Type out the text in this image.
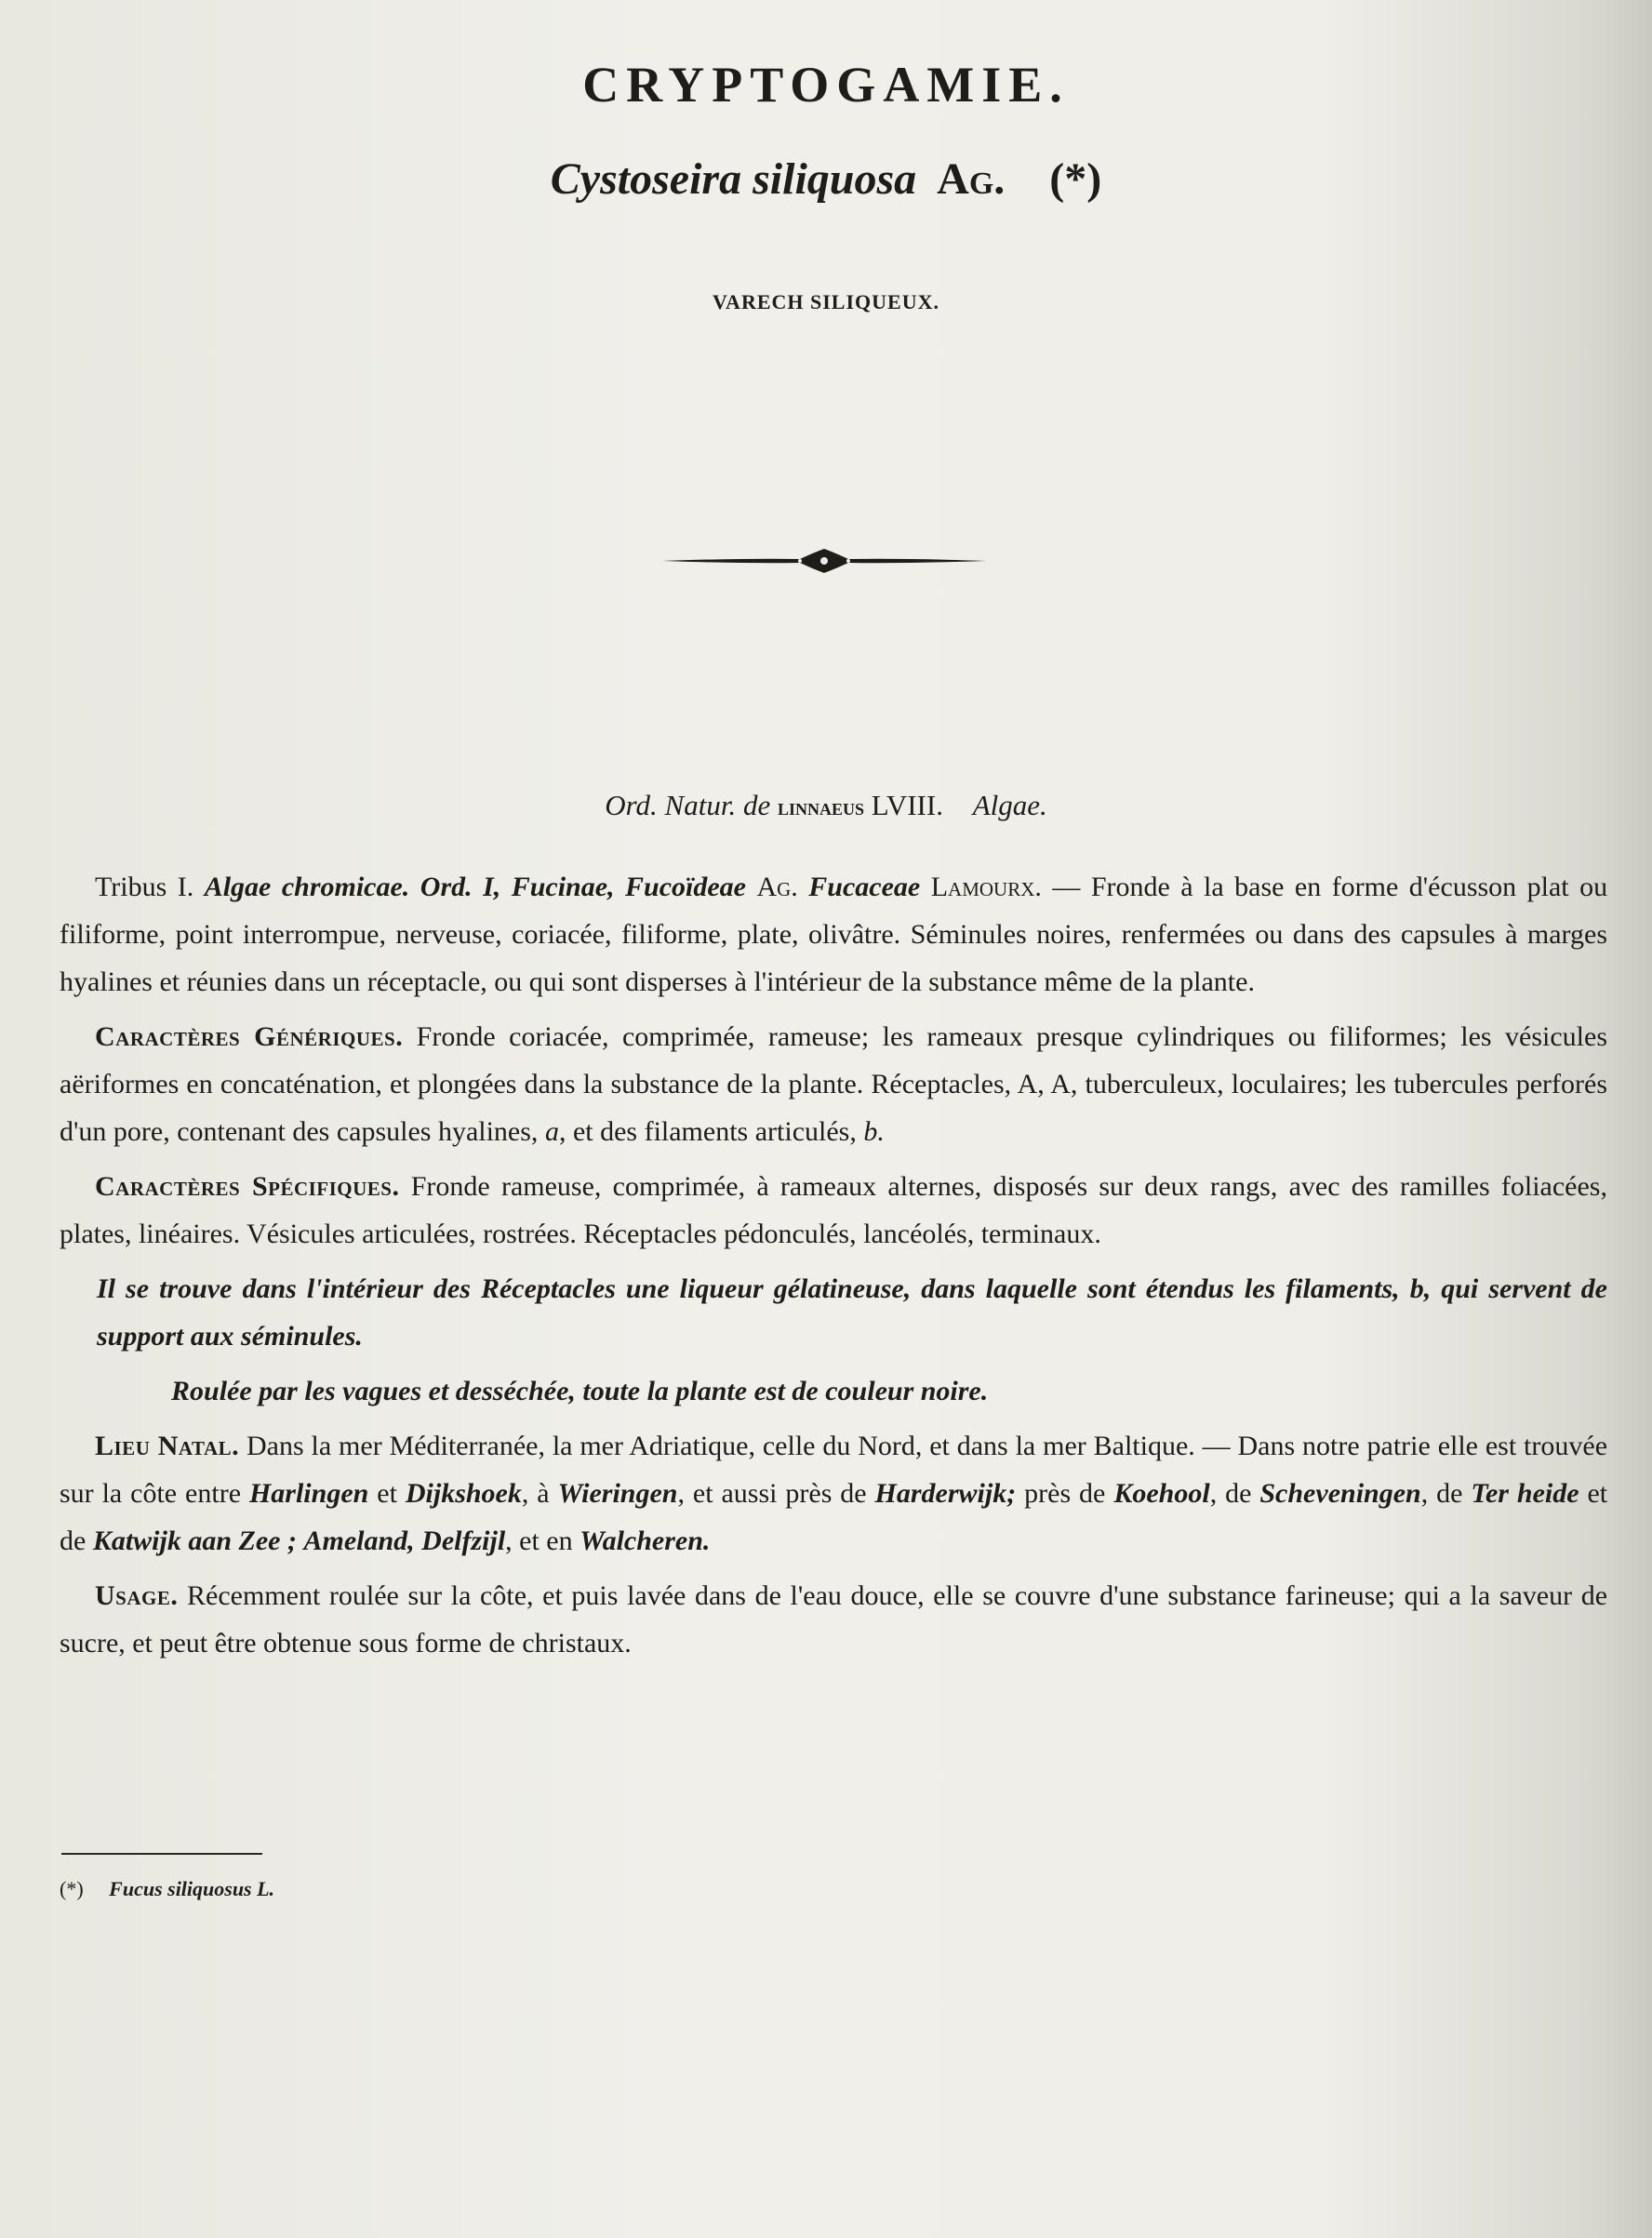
CRYPTOGAMIE.
Cystoseira siliquosa Ag. (*)
VARECH SILIQUEUX.
Ord. Natur. de linnaeus LVIII. Algae.

Tribus I. Algae chromicae. Ord. I, Fucinae, Fucoïdeae Ag. Fucaceae Lamourx. — Fronde à la base en forme d'écusson plat ou filiforme, point interrompue, nerveuse, coriacée, filiforme, plate, olivâtre. Séminules noires, renfermées ou dans des capsules à marges hyalines et réunies dans un réceptacle, ou qui sont disperses à l'intérieur de la substance même de la plante.

Caractères Génériques. Fronde coriacée, comprimée, rameuse; les rameaux presque cylindriques ou filiformes; les vésicules aëriformes en concaténation, et plongées dans la substance de la plante. Réceptacles, A, A, tuberculeux, loculaires; les tubercules perforés d'un pore, contenant des capsules hyalines, a, et des filaments articulés, b.

Caractères Spécifiques. Fronde rameuse, comprimée, à rameaux alternes, disposés sur deux rangs, avec des ramilles foliacées, plates, linéaires. Vésicules articulées, rostrées. Réceptacles pédonculés, lancéolés, terminaux.

Il se trouve dans l'intérieur des Réceptacles une liqueur gélatineuse, dans laquelle sont étendus les filaments, b, qui servent de support aux séminules.

Roulée par les vagues et desséchée, toute la plante est de couleur noire.

Lieu Natal. Dans la mer Méditerranée, la mer Adriatique, celle du Nord, et dans la mer Baltique. — Dans notre patrie elle est trouvée sur la côte entre Harlingen et Dijkshoek, à Wieringen, et aussi près de Harderwijk; près de Koehool, de Scheveningen, de Ter heide et de Katwijk aan Zee ; Ameland, Delfzijl, et en Walcheren.

Usage. Récemment roulée sur la côte, et puis lavée dans de l'eau douce, elle se couvre d'une substance farineuse; qui a la saveur de sucre, et peut être obtenue sous forme de christaux.

(*) Fucus siliquosus L.
